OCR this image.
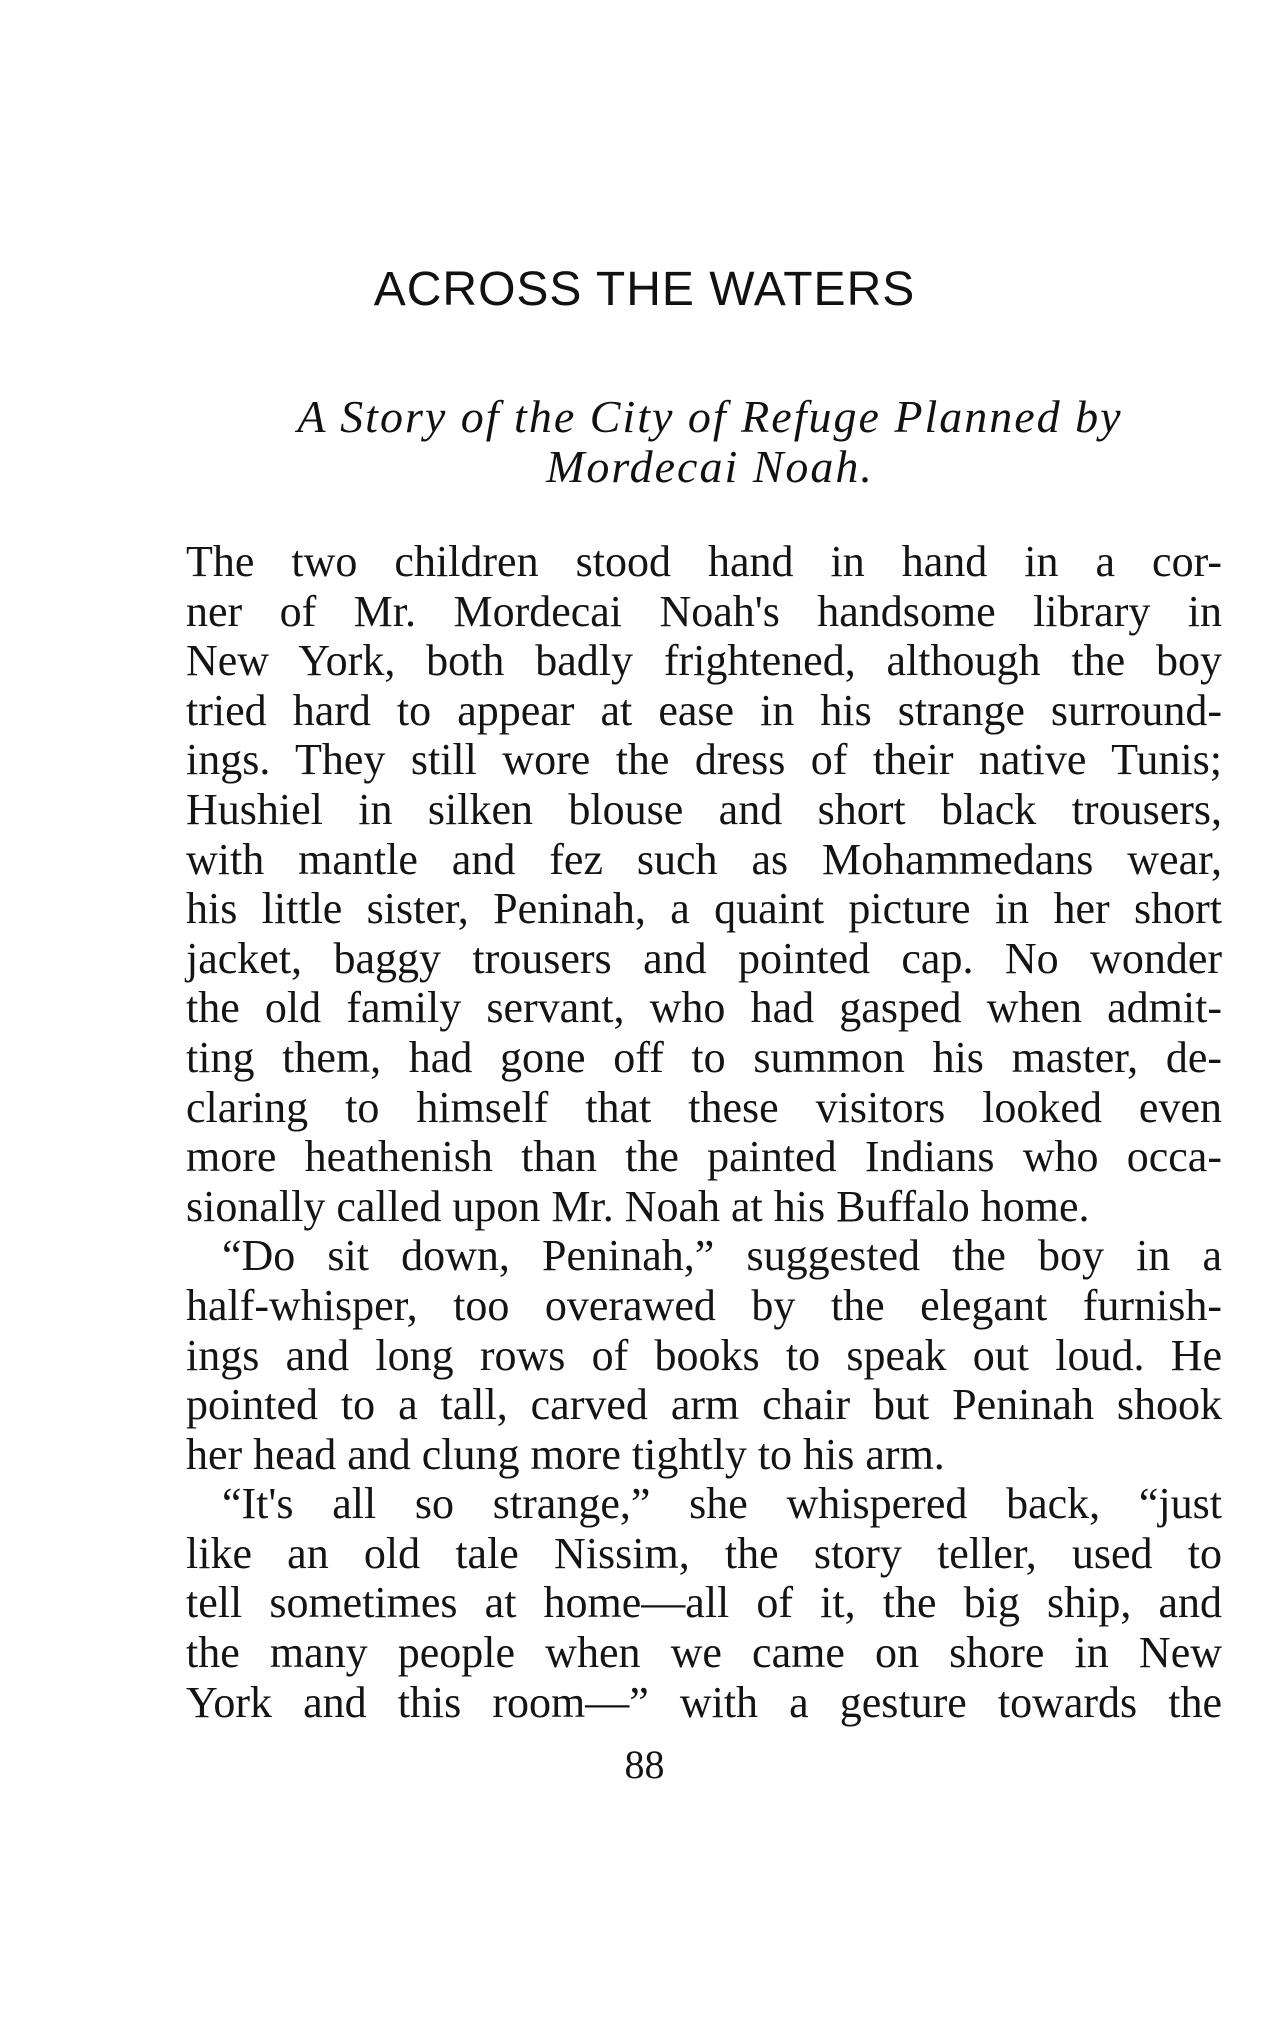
ACROSS THE WATERS
A Story of the City of Refuge Planned by
Mordecai Noah.
The two children stood hand in hand in a cor-
ner of Mr. Mordecai Noah's handsome library in
New York, both badly frightened, although the boy
tried hard to appear at ease in his strange surround-
ings. They still wore the dress of their native Tunis;
Hushiel in silken blouse and short black trousers,
with mantle and fez such as Mohammedans wear,
his little sister, Peninah, a quaint picture in her short
jacket, baggy trousers and pointed cap. No wonder
the old family servant, who had gasped when admit-
ting them, had gone off to summon his master, de-
claring to himself that these visitors looked even
more heathenish than the painted Indians who occa-
sionally called upon Mr. Noah at his Buffalo home.
“Do sit down, Peninah,” suggested the boy in a
half-whisper, too overawed by the elegant furnish-
ings and long rows of books to speak out loud. He
pointed to a tall, carved arm chair but Peninah shook
her head and clung more tightly to his arm.
“It's all so strange,” she whispered back, “just
like an old tale Nissim, the story teller, used to
tell sometimes at home—all of it, the big ship, and
the many people when we came on shore in New
York and this room—” with a gesture towards the
88
